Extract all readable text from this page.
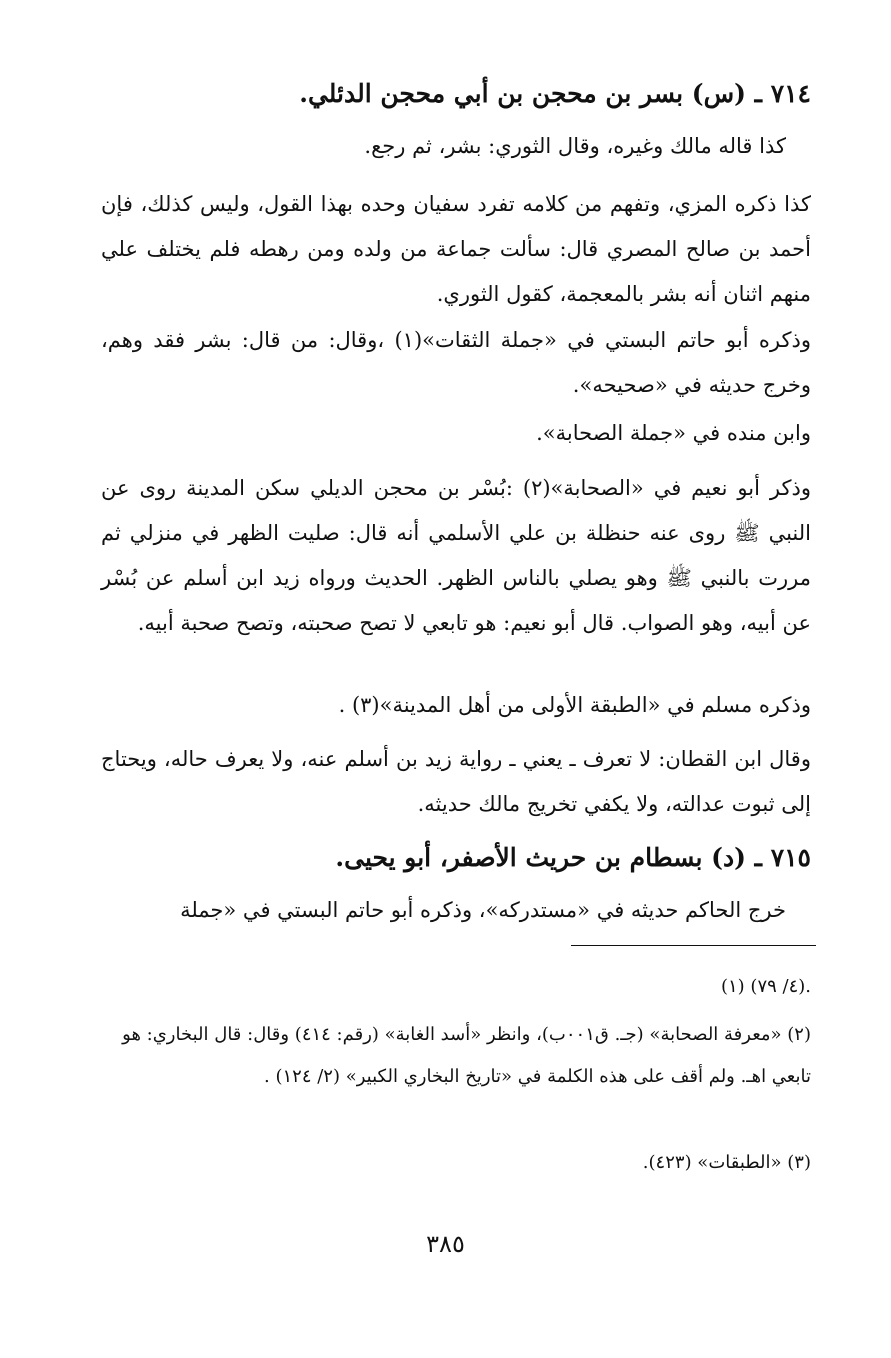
٧١٤ ـ (س) بسر بن محجن بن أبي محجن الدئلي.
كذا قاله مالك وغيره، وقال الثوري: بشر، ثم رجع.
كذا ذكره المزي، وتفهم من كلامه تفرد سفيان وحده بهذا القول، وليس كذلك، فإن أحمد بن صالح المصري قال: سألت جماعة من ولده ومن رهطه فلم يختلف علي منهم اثنان أنه بشر بالمعجمة، كقول الثوري.
وذكره أبو حاتم البستي في «جملة الثقات»(١) ،وقال: من قال: بشر فقد وهم، وخرج حديثه في «صحيحه».
وابن منده في «جملة الصحابة».
وذكر أبو نعيم في «الصحابة»(٢) :بُسْر بن محجن الديلي سكن المدينة روى عن النبي ﷺ روى عنه حنظلة بن علي الأسلمي أنه قال: صليت الظهر في منزلي ثم مررت بالنبي ﷺ وهو يصلي بالناس الظهر. الحديث ورواه زيد ابن أسلم عن بُسْر عن أبيه، وهو الصواب. قال أبو نعيم: هو تابعي لا تصح صحبته، وتصح صحبة أبيه.
وذكره مسلم في «الطبقة الأولى من أهل المدينة»(٣) .
وقال ابن القطان: لا تعرف ـ يعني ـ رواية زيد بن أسلم عنه، ولا يعرف حاله، ويحتاج إلى ثبوت عدالته، ولا يكفي تخريج مالك حديثه.
٧١٥ ـ (د) بسطام بن حريث الأصفر، أبو يحيى.
خرج الحاكم حديثه في «مستدركه»، وذكره أبو حاتم البستي في «جملة
(١) (٤/ ٧٩).
(٢) «معرفة الصحابة» (جـ. ق٠٠١ب)، وانظر «أسد الغابة» (رقم: ٤١٤) وقال: قال البخاري: هو تابعي اهـ. ولم أقف على هذه الكلمة في «تاريخ البخاري الكبير» (٢/ ١٢٤) .
(٣) «الطبقات» (٤٢٣).
٣٨٥
